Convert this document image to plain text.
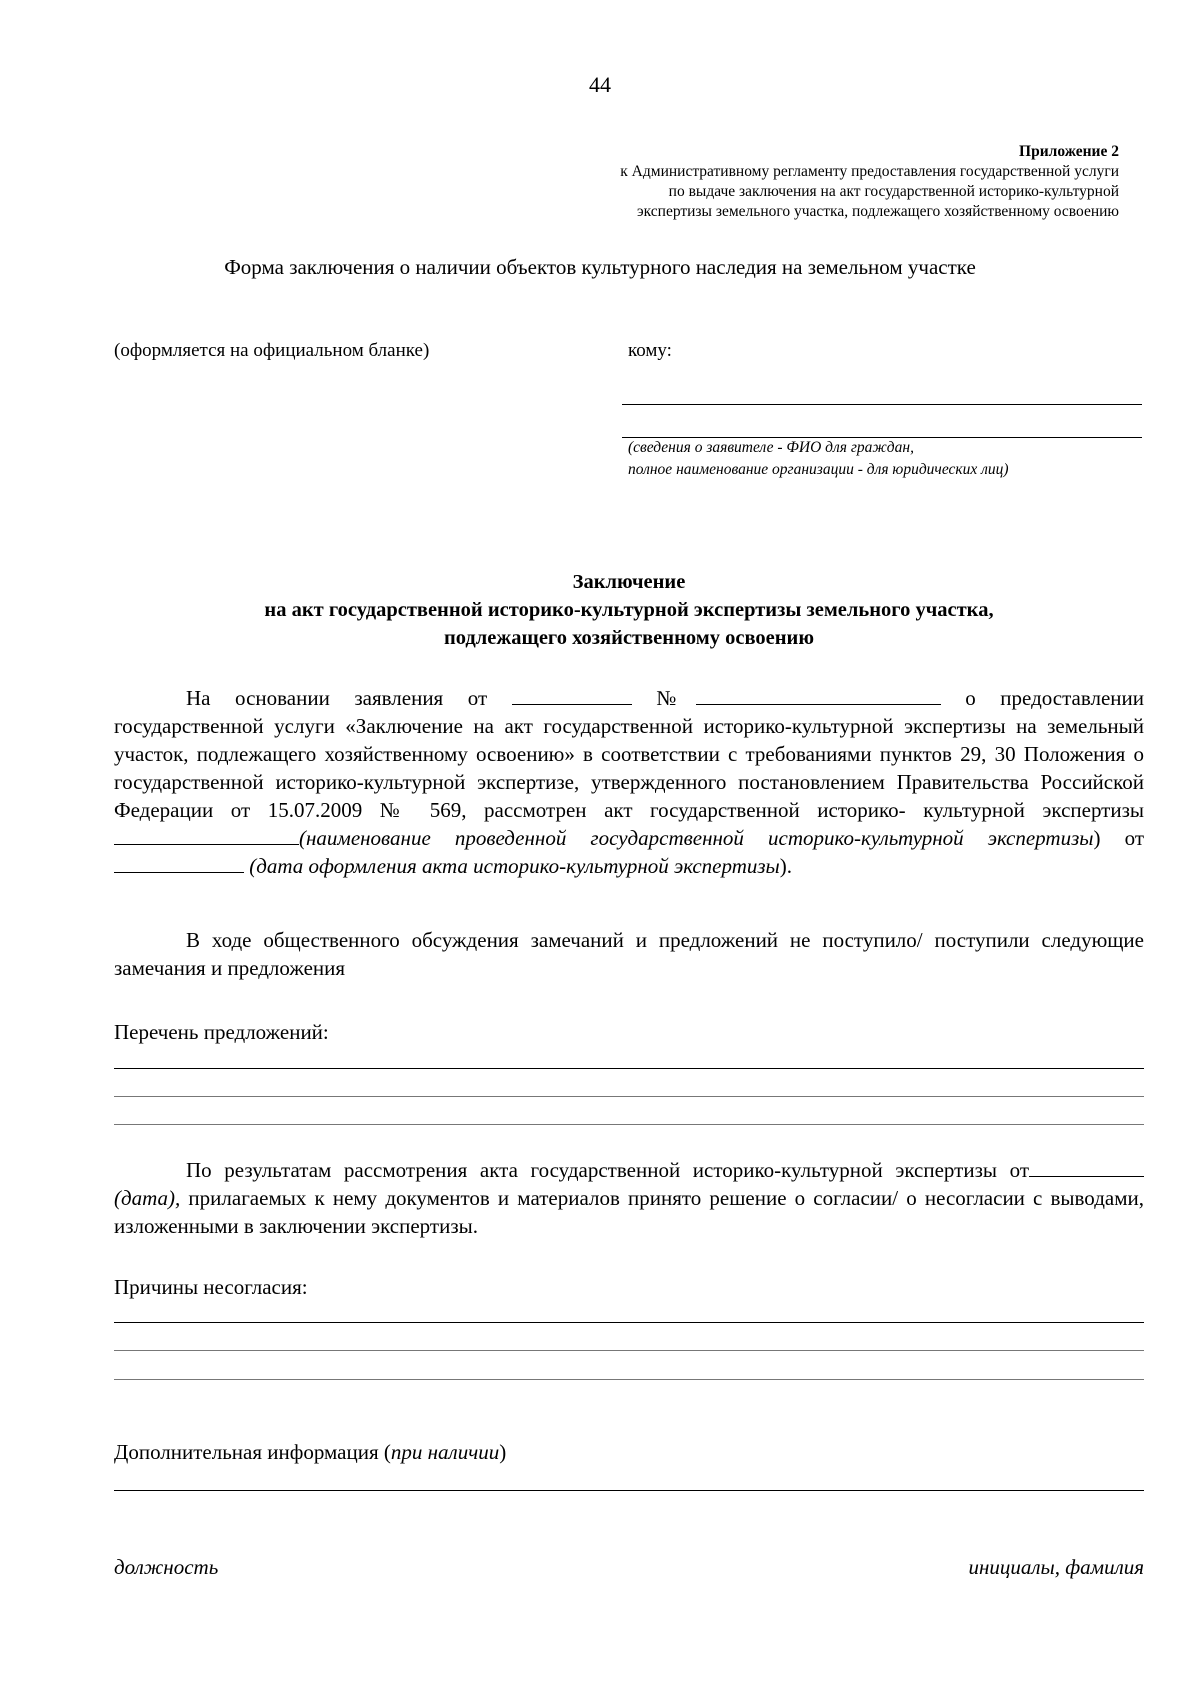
44
Приложение 2
к Административному регламенту предоставления государственной услуги
по выдаче заключения на акт государственной историко-культурной
экспертизы земельного участка, подлежащего хозяйственному освоению
Форма заключения о наличии объектов культурного наследия на земельном участке
(оформляется на официальном бланке)	кому:
(сведения о заявителе - ФИО для граждан,
полное наименование организации - для юридических лиц)
Заключение
на акт государственной историко-культурной экспертизы земельного участка,
подлежащего хозяйственному освоению
На основании заявления от	№	о предоставлении государственной услуги «Заключение на акт государственной историко-культурной экспертизы на земельный участок, подлежащего хозяйственному освоению» в соответствии с требованиями пунктов 29, 30 Положения о государственной историко-культурной экспертизе, утвержденного постановлением Правительства Российской Федерации от 15.07.2009 № 569, рассмотрен акт государственной историко- культурной экспертизы(наименование проведенной государственной историко-культурной экспертизы) от  (дата оформления акта историко-культурной экспертизы).
В ходе общественного обсуждения замечаний и предложений не поступило/ поступили следующие замечания и предложения
Перечень предложений:
По результатам рассмотрения акта государственной историко-культурной экспертизы от (дата), прилагаемых к нему документов и материалов принято решение о согласии/ о несогласии с выводами, изложенными в заключении экспертизы.
Причины несогласия:
Дополнительная информация (при наличии)
должность	инициалы, фамилия
